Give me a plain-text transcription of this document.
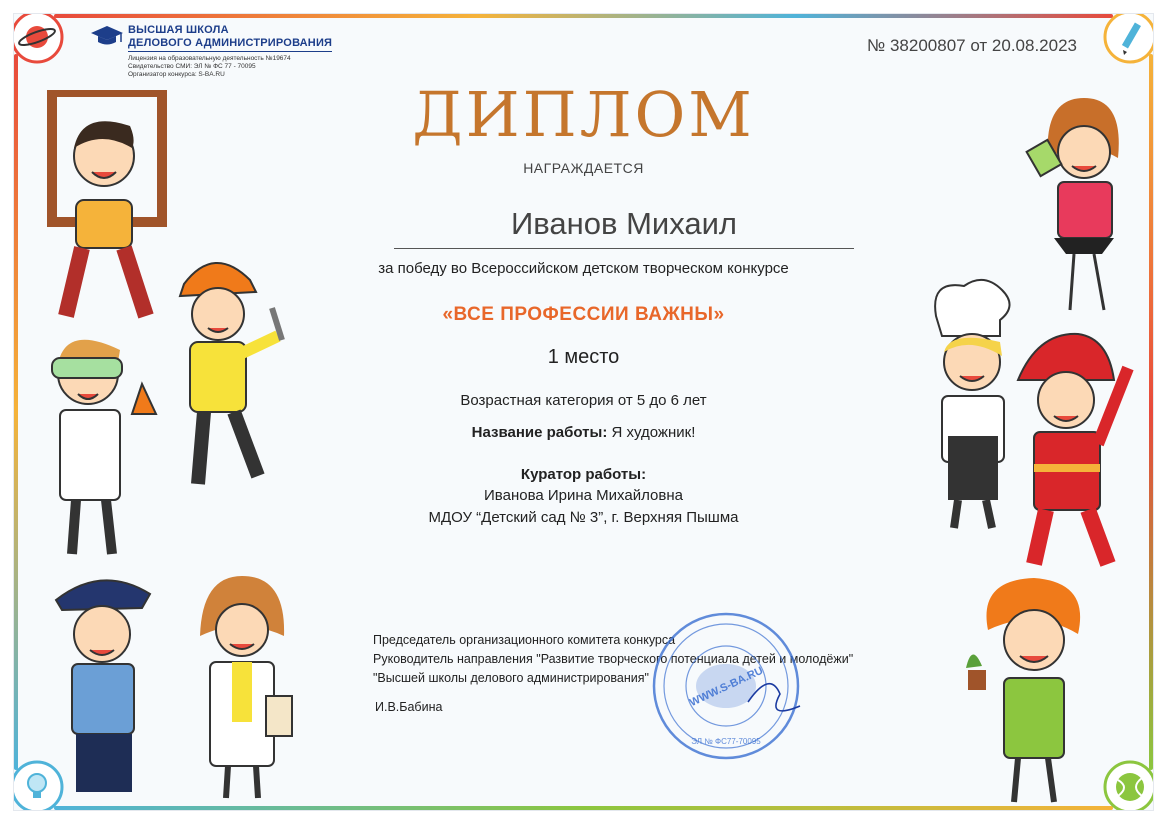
ВЫСШАЯ ШКОЛА
ДЕЛОВОГО АДМИНИСТРИРОВАНИЯ
Лицензия на образовательную деятельность №19674
Свидетельство СМИ: ЭЛ № ФС 77 - 70095
Организатор конкурса: S-BA.RU
№ 38200807 от 20.08.2023
ДИПЛОМ
НАГРАЖДАЕТСЯ
Иванов Михаил
за победу во Всероссийском детском творческом конкурсе
«ВСЕ ПРОФЕССИИ ВАЖНЫ»
1 место
Возрастная категория от 5 до 6 лет
Название работы: Я художник!
Куратор работы:
Иванова Ирина Михайловна
МДОУ “Детский сад № 3”, г. Верхняя Пышма
Председатель организационного комитета конкурса
Руководитель направления "Развитие творческого потенциала детей и молодёжи"
"Высшей школы делового администрирования"
И.В.Бабина	WWW.S-BA.RU
ЭЛ № ФС77-70095
